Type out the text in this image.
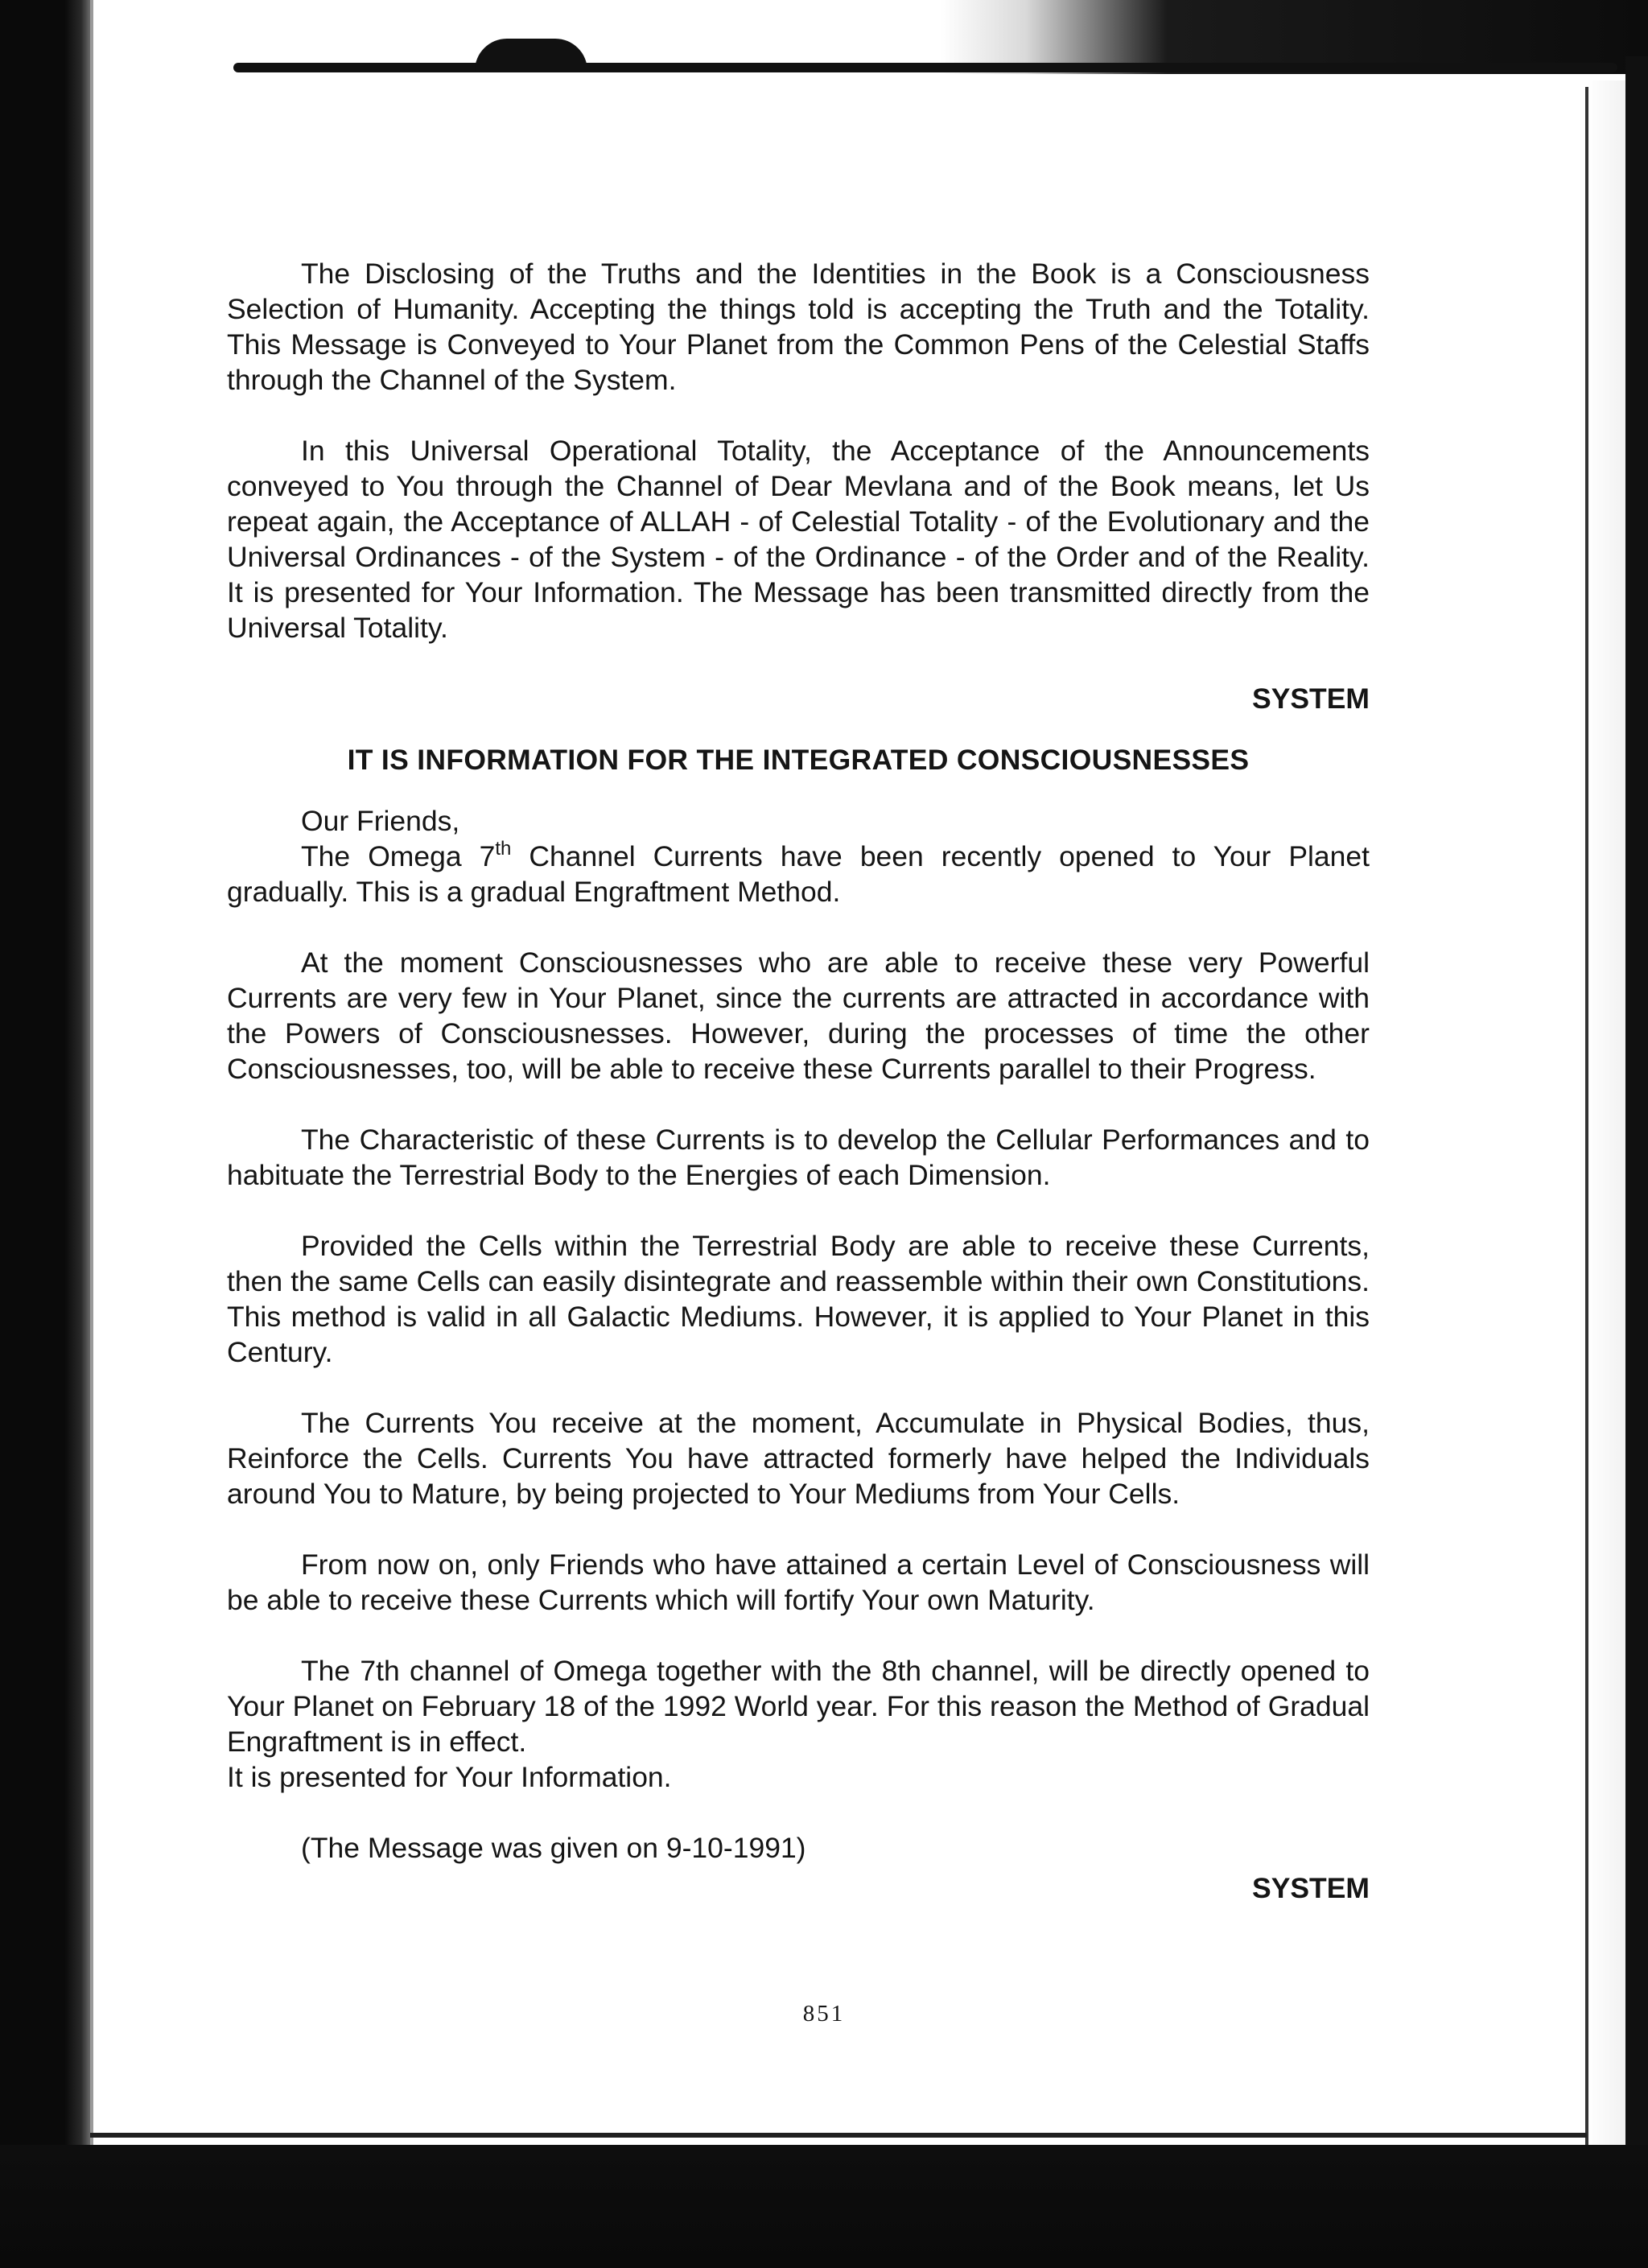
The Disclosing of the Truths and the Identities in the Book is a Consciousness Selection of Humanity. Accepting the things told is accepting the Truth and the Totality. This Message is Conveyed to Your Planet from the Common Pens of the Celestial Staffs through the Channel of the System.

In this Universal Operational Totality, the Acceptance of the Announcements conveyed to You through the Channel of Dear Mevlana and of the Book means, let Us repeat again, the Acceptance of ALLAH - of Celestial Totality - of the Evolutionary and the Universal Ordinances - of the System - of the Ordinance - of the Order and of the Reality. It is presented for Your Information. The Message has been transmitted directly from the Universal Totality.

SYSTEM

IT IS INFORMATION FOR THE INTEGRATED CONSCIOUSNESSES

Our Friends,

The Omega 7th Channel Currents have been recently opened to Your Planet gradually. This is a gradual Engraftment Method.

At the moment Consciousnesses who are able to receive these very Powerful Currents are very few in Your Planet, since the currents are attracted in accordance with the Powers of Consciousnesses. However, during the processes of time the other Consciousnesses, too, will be able to receive these Currents parallel to their Progress.

The Characteristic of these Currents is to develop the Cellular Performances and to habituate the Terrestrial Body to the Energies of each Dimension.

Provided the Cells within the Terrestrial Body are able to receive these Currents, then the same Cells can easily disintegrate and reassemble within their own Constitutions. This method is valid in all Galactic Mediums. However, it is applied to Your Planet in this Century.

The Currents You receive at the moment, Accumulate in Physical Bodies, thus, Reinforce the Cells. Currents You have attracted formerly have helped the Individuals around You to Mature, by being projected to Your Mediums from Your Cells.

From now on, only Friends who have attained a certain Level of Consciousness will be able to receive these Currents which will fortify Your own Maturity.

The 7th channel of Omega together with the 8th channel, will be directly opened to Your Planet on February 18 of the 1992 World year. For this reason the Method of Gradual Engraftment is in effect.

It is presented for Your Information.

(The Message was given on 9-10-1991)

SYSTEM

851
